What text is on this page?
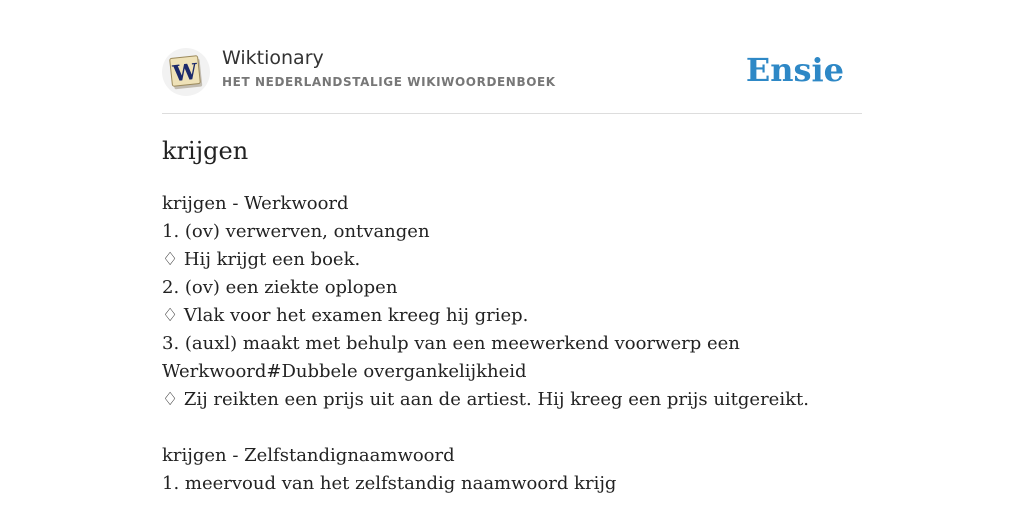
W
Wiktionary
HET NEDERLANDSTALIGE WIKIWOORDENBOEK	Ensie
krijgen
krijgen - Werkwoord
1. (ov) verwerven, ontvangen
♢ Hij krijgt een boek.
2. (ov) een ziekte oplopen
♢ Vlak voor het examen kreeg hij griep.
3. (auxl) maakt met behulp van een meewerkend voorwerp een
Werkwoord#Dubbele overgankelijkheid
♢ Zij reikten een prijs uit aan de artiest. Hij kreeg een prijs uitgereikt.
krijgen - Zelfstandignaamwoord
1. meervoud van het zelfstandig naamwoord krijg
